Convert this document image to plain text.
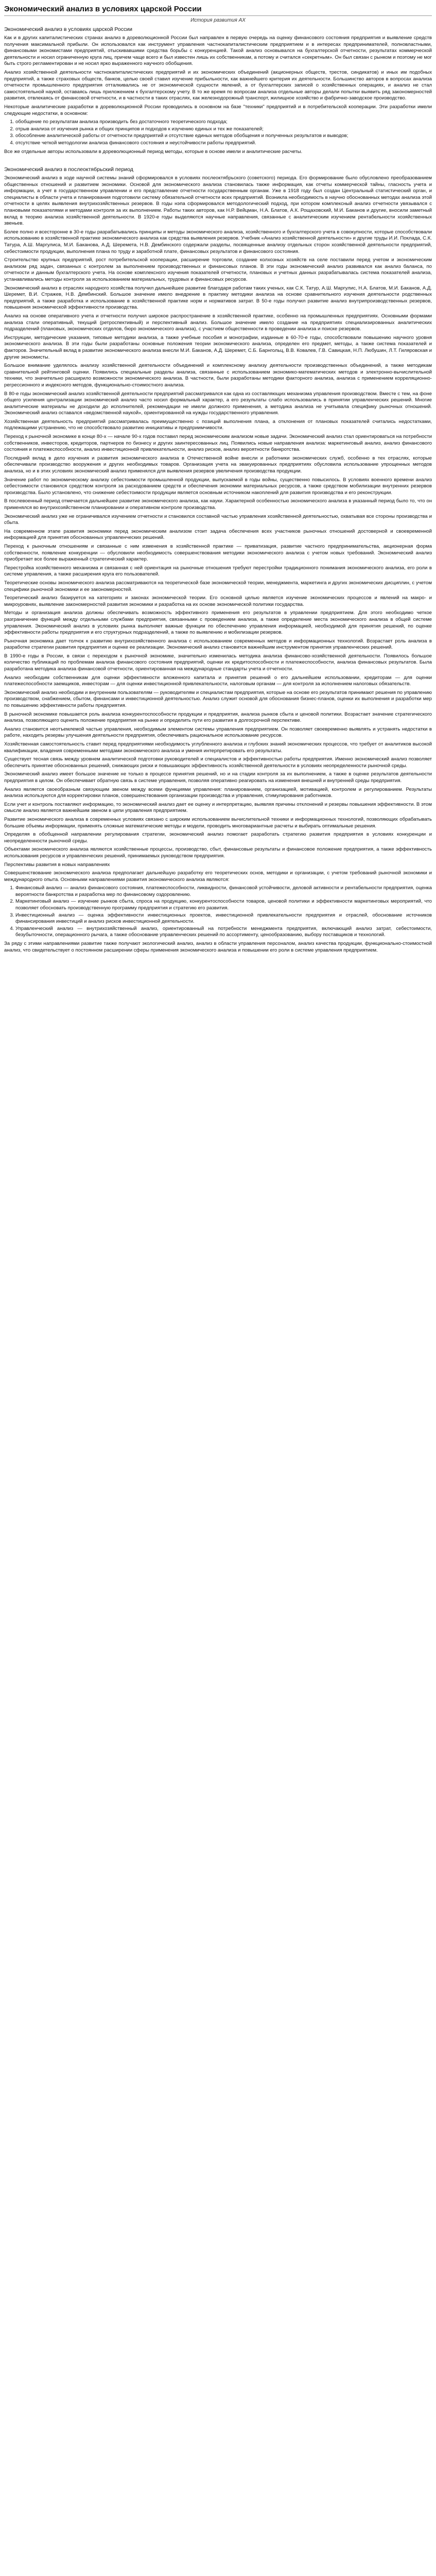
Экономический анализ в условиях царской России
История развития АХ
Экономический анализ в условиях царской России

Как и в других капиталистических странах анализ в дореволюционной России был направлен в первую очередь на оценку финансового состояния предприятия и выявление средств получения максимальной прибыли. Он использовался как инструмент управления частнокапиталистическим предприятием и в интересах предпринимателей, полновластными, финансовыми экономистами предприятий, отыскивавшими средства борьбы с конкуренцией. Такой анализ основывался на бухгалтерской отчетности, результатах коммерческой деятельности и носил ограниченную круга лиц, причем чаще всего и был известен лишь их собственникам, а потому и считался «секретным». Он был связан с рынком и поэтому не мог быть строго регламентирован и не носил ярко выраженного научного обобщения.

Анализ хозяйственной деятельности частнокапиталистических предприятий и их экономических объединений (акционерных обществ, трестов, синдикатов) и иных им подобных предприятий, а также страховых обществ, банков, целью своей ставил изучение прибыльности, как важнейшего критерия их деятельности. Большинство авторов в вопросах анализа отчетности промышленного предприятия отталкивались не от экономической сущности явлений, а от бухгалтерских записей о хозяйственных операциях, и анализ не стал самостоятельной наукой, оставаясь лишь приложением к бухгалтерскому учету. В то же время по вопросам анализа отдельные авторы делали попытки выявить ряд закономерностей развития, отвлекаясь от финансовой отчетности, и в частности в таких отраслях, как железнодорожный транспорт, жилищное хозяйство и фабрично-заводское производство.

Некоторые аналитические разработки в дореволюционной России проводились в основном на базе "техники" предприятий и в потребительской кооперации. Эти разработки имели следующие недостатки, в основном:

1. обобщение по результатам анализа производить без достаточного теоретического подхода;
2. отрыв анализа от изучения рынка и общих принципов и подходов к изучению единых и тех же показателей;
3. обособление аналитической работы от отчетности предприятий и отсутствие единых методов обобщения и полученных результатов и выводов;
4. отсутствие четкой методологии анализа финансового состояния и неустойчивости работы предприятий.

Все же отдельные авторы использовали в дореволюционный период методы, которые в основе имели и аналитические расчеты.

Экономический анализ в послеоктябрьский период

Экономический анализ в ходе научной системы знаний сформировался в условиях послеоктябрьского (советского) периода. Его формирование было обусловлено преобразованием общественных отношений и развитием экономики. Основой для экономического анализа становилась также информация, как отчеты коммерческой тайны, гласность учета и информации, а учет в государственном управлении и его представление отчетности государственным органам. Уже в 1918 году был создан Центральный статистический орган, и специалисты в области учета и планирования подготовили систему обязательной отчетности всех предприятий. Возникла необходимость в научно обоснованных методах анализа этой отчетности в целях выявления внутрихозяйственных резервов. В годы нэпа сформировался методологический подход, при котором комплексный анализ отчетности увязывался с плановыми показателями и методами контроля за их выполнением. Работы таких авторов, как Н.Р. Вейцман, Н.А. Блатов, А.К. Рощаховский, М.И. Баканов и другие, вносили заметный вклад в теорию анализа хозяйственной деятельности. В 1920-е годы выделяются научные направления, связанные с аналитическим изучением рентабельности хозяйственных звеньев.

Более полно и всесторонне в 30-е годы разрабатывались принципы и методы экономического анализа, хозяйственного и бухгалтерского учета в совокупности, которые способствовали использованию в хозяйственной практике экономического анализа как средства выявления резервов. Учебник «Анализ хозяйственной деятельности» и другие труды И.И. Поклада, С.К. Татура, А.Ш. Маргулиса, М.И. Баканова, А.Д. Шеремета, Н.В. Дембинского содержали разделы, посвященные анализу отдельных сторон хозяйственной деятельности предприятий, себестоимости продукции, выполнения плана по труду и заработной плате, финансовых результатов и финансового состояния.

Строительство крупных предприятий, рост потребительской кооперации, расширение торговли, создание колхозных хозяйств на селе поставили перед учетом и экономическим анализом ряд задач, связанных с контролем за выполнением производственных и финансовых планов. В эти годы экономический анализ развивался как анализ баланса, по отчетности и данным бухгалтерского учета. На основе комплексного изучения показателей отчетности, плановых и учетных данных разрабатывалась система показателей анализа, устанавливались методы контроля за использованием материальных, трудовых и финансовых ресурсов.

Экономический анализ в отраслях народного хозяйства получил дальнейшее развитие благодаря работам таких ученых, как С.К. Татур, А.Ш. Маргулис, Н.А. Блатов, М.И. Баканов, А.Д. Шеремет, В.И. Стражев, Н.В. Дембинский. Большое значение имело внедрение в практику методики анализа на основе сравнительного изучения деятельности родственных предприятий, а также разработка и использование в хозяйственной практике норм и нормативов затрат. В 50-е годы получил развитие анализ внутрипроизводственных резервов, повышения экономической эффективности производства.

Анализ на основе оперативного учета и отчетности получил широкое распространение в хозяйственной практике, особенно на промышленных предприятиях. Основными формами анализа стали оперативный, текущий (ретроспективный) и перспективный анализ. Большое значение имело создание на предприятиях специализированных аналитических подразделений (плановых, экономических отделов, бюро экономического анализа), с участием общественности в проведении анализа и поиске резервов.

Инструкции, методические указания, типовые методики анализа, а также учебные пособия и монографии, изданные в 60-70-е годы, способствовали повышению научного уровня экономического анализа. В эти годы были разработаны основные положения теории экономического анализа, определен его предмет, методы, а также система показателей и факторов. Значительный вклад в развитие экономического анализа внесли М.И. Баканов, А.Д. Шеремет, С.Б. Барнгольц, В.В. Ковалев, Г.В. Савицкая, Н.П. Любушин, Л.Т. Гиляровская и другие экономисты.

Большое внимание уделялось анализу хозяйственной деятельности объединений и комплексному анализу деятельности производственных объединений, а также методикам сравнительной рейтинговой оценки. Появились специальные разделы анализа, связанные с использованием экономико-математических методов и электронно-вычислительной техники, что значительно расширило возможности экономического анализа. В частности, были разработаны методики факторного анализа, анализа с применением корреляционно-регрессионного и индексного методов, функционально-стоимостного анализа.

В 80-е годы экономический анализ хозяйственной деятельности предприятий рассматривался как одна из составляющих механизма управления производством. Вместе с тем, на фоне общего усиления централизации экономический анализ часто носил формальный характер, а его результаты слабо использовались в принятии управленческих решений. Многие аналитические материалы не доходили до исполнителей, рекомендации не имели должного применения, а методика анализа не учитывала специфику рыночных отношений. Экономический анализ оставался «ведомственной наукой», ориентированной на нужды государственного управления.

Хозяйственная деятельность предприятий рассматривалась преимущественно с позиций выполнения плана, а отклонения от плановых показателей считались недостатками, подлежащими устранению, что не способствовало развитию инициативы и предприимчивости.

Переход к рыночной экономике в конце 80-х — начале 90-х годов поставил перед экономическим анализом новые задачи. Экономический анализ стал ориентироваться на потребности собственников, инвесторов, кредиторов, партнеров по бизнесу и других заинтересованных лиц. Появились новые направления анализа: маркетинговый анализ, анализ финансового состояния и платежеспособности, анализ инвестиционной привлекательности, анализ рисков, анализ вероятности банкротства.

Последний вклад в дело изучения и развития экономического анализа в Отечественной войне внесли и работники экономических служб, особенно в тех отраслях, которые обеспечивали производство вооружения и других необходимых товаров. Организация учета на эвакуированных предприятиях обусловила использование упрощенных методов анализа, но и в этих условиях экономический анализ применялся для выявления резервов увеличения производства продукции.

Значение работ по экономическому анализу себестоимости промышленной продукции, выпускаемой в годы войны, существенно повысилось. В условиях военного времени анализ себестоимости становился средством контроля за расходованием средств и обеспечения экономии материальных ресурсов, а также средством мобилизации внутренних резервов производства. Было установлено, что снижение себестоимости продукции является основным источником накоплений для развития производства и его реконструкции.

В послевоенный период отмечается дальнейшее развитие экономического анализа, как науки. Характерной особенностью экономического анализа в указанный период было то, что он применялся во внутрихозяйственном планировании и оперативном контроле производства.

Экономический анализ уже не ограничивался изучением отчетности и становился составной частью управления хозяйственной деятельностью, охватывая все стороны производства и сбыта.

На современном этапе развития экономики перед экономическим анализом стоит задача обеспечения всех участников рыночных отношений достоверной и своевременной информацией для принятия обоснованных управленческих решений.

Переход к рыночным отношениям и связанные с ним изменения в хозяйственной практике — приватизация, развитие частного предпринимательства, акционерная форма собственности, появление конкуренции — обусловили необходимость совершенствования методики экономического анализа с учетом новых требований. Экономический анализ приобретает все более выраженный стратегический характер.

Перестройка хозяйственного механизма и связанная с ней ориентация на рыночные отношения требуют перестройки традиционного понимания экономического анализа, его роли в системе управления, а также расширения круга его пользователей.

Теоретические основы экономического анализа рассматриваются на теоретической базе экономической теории, менеджмента, маркетинга и других экономических дисциплин, с учетом специфики рыночной экономики и ее закономерностей.

Теоретический анализ базируется на категориях и законах экономической теории. Его основной целью является изучение экономических процессов и явлений на макро- и микроуровнях, выявление закономерностей развития экономики и разработка на их основе экономической политики государства.

Методы и организация анализа должны обеспечивать возможность эффективного применения его результатов в управлении предприятием. Для этого необходимо четкое разграничение функций между отдельными службами предприятия, связанными с проведением анализа, а также определение места экономического анализа в общей системе управления. Экономический анализ в условиях рынка выполняет важные функции по обеспечению управления информацией, необходимой для принятия решений, по оценке эффективности работы предприятия и его структурных подразделений, а также по выявлению и мобилизации резервов.

Рыночная экономика дает толчок к развитию внутрихозяйственного анализа с использованием современных методов и информационных технологий. Возрастает роль анализа в разработке стратегии развития предприятия и оценке ее реализации. Экономический анализ становится важнейшим инструментом принятия управленческих решений.

В 1990-е годы в России, в связи с переходом к рыночной экономике, значительно изменилась методика анализа финансово-хозяйственной деятельности. Появилось большое количество публикаций по проблемам анализа финансового состояния предприятий, оценки их кредитоспособности и платежеспособности, анализа финансовых результатов. Была разработана методика анализа финансовой отчетности, ориентированная на международные стандарты учета и отчетности.

Анализ необходим собственникам для оценки эффективности вложенного капитала и принятия решений о его дальнейшем использовании, кредиторам — для оценки платежеспособности заемщиков, инвесторам — для оценки инвестиционной привлекательности, налоговым органам — для контроля за исполнением налоговых обязательств.

Экономический анализ необходим и внутренним пользователям — руководителям и специалистам предприятия, которые на основе его результатов принимают решения по управлению производством, снабжением, сбытом, финансами и инвестиционной деятельностью. Анализ служит основой для обоснования бизнес-планов, оценки их выполнения и разработки мер по повышению эффективности работы предприятия.

В рыночной экономике повышается роль анализа конкурентоспособности продукции и предприятия, анализа рынков сбыта и ценовой политики. Возрастает значение стратегического анализа, позволяющего оценить положение предприятия на рынке и определить пути его развития в долгосрочной перспективе.

Анализ становится неотъемлемой частью управления, необходимым элементом системы управления предприятием. Он позволяет своевременно выявлять и устранять недостатки в работе, находить резервы улучшения деятельности предприятия, обеспечивать рациональное использование ресурсов.

Хозяйственная самостоятельность ставит перед предприятиями необходимость углубленного анализа и глубоких знаний экономических процессов, что требует от аналитиков высокой квалификации, владения современными методами экономического анализа и умения интерпретировать его результаты.

Существует тесная связь между уровнем аналитической подготовки руководителей и специалистов и эффективностью работы предприятия. Именно экономический анализ позволяет обеспечить принятие обоснованных решений, снижающих риски и повышающих эффективность хозяйственной деятельности в условиях неопределенности рыночной среды.

Экономический анализ имеет большое значение не только в процессе принятия решений, но и на стадии контроля за их выполнением, а также в оценке результатов деятельности предприятия в целом. Он обеспечивает обратную связь в системе управления, позволяя оперативно реагировать на изменения внешней и внутренней среды предприятия.

Анализ является своеобразным связующим звеном между всеми функциями управления: планированием, организацией, мотивацией, контролем и регулированием. Результаты анализа используются для корректировки планов, совершенствования организации производства и управления, стимулирования работников.

Если учет и контроль поставляют информацию, то экономический анализ дает ее оценку и интерпретацию, выявляя причины отклонений и резервы повышения эффективности. В этом смысле анализ является важнейшим звеном в цепи управления предприятием.

Развитие экономического анализа в современных условиях связано с широким использованием вычислительной техники и информационных технологий, позволяющих обрабатывать большие объемы информации, применять сложные математические методы и модели, проводить многовариантные расчеты и выбирать оптимальные решения.

Определяя в обобщенной направлении регулирования стратегии, экономический анализ помогает разработать стратегию развития предприятия в условиях конкуренции и неопределенности рыночной среды.

Объектами экономического анализа являются хозяйственные процессы, производство, сбыт, финансовые результаты и финансовое положение предприятия, а также эффективность использования ресурсов и управленческих решений, принимаемых руководством предприятия.

Перспективы развития в новых направлениях

Совершенствование экономического анализа предполагает дальнейшую разработку его теоретических основ, методики и организации, с учетом требований рыночной экономики и международного опыта. Основными направлениями развития экономического анализа являются:

1. Финансовый анализ — анализ финансового состояния, платежеспособности, ликвидности, финансовой устойчивости, деловой активности и рентабельности предприятия, оценка вероятности банкротства и разработка мер по финансовому оздоровлению.
2. Маркетинговый анализ — изучение рынков сбыта, спроса на продукцию, конкурентоспособности товаров, ценовой политики и эффективности маркетинговых мероприятий, что позволяет обосновать производственную программу предприятия и стратегию его развития.
3. Инвестиционный анализ — оценка эффективности инвестиционных проектов, инвестиционной привлекательности предприятия и отраслей, обоснование источников финансирования инвестиций и анализ рисков инвестиционной деятельности.
4. Управленческий анализ — внутрихозяйственный анализ, ориентированный на потребности менеджмента предприятия, включающий анализ затрат, себестоимости, безубыточности, операционного рычага, а также обоснование управленческих решений по ассортименту, ценообразованию, выбору поставщиков и технологий.

За ряду с этими направлениями развитие также получают экологический анализ, анализ в области управления персоналом, анализ качества продукции, функционально-стоимостной анализ, что свидетельствует о постоянном расширении сферы применения экономического анализа и повышении его роли в системе управления предприятием.
